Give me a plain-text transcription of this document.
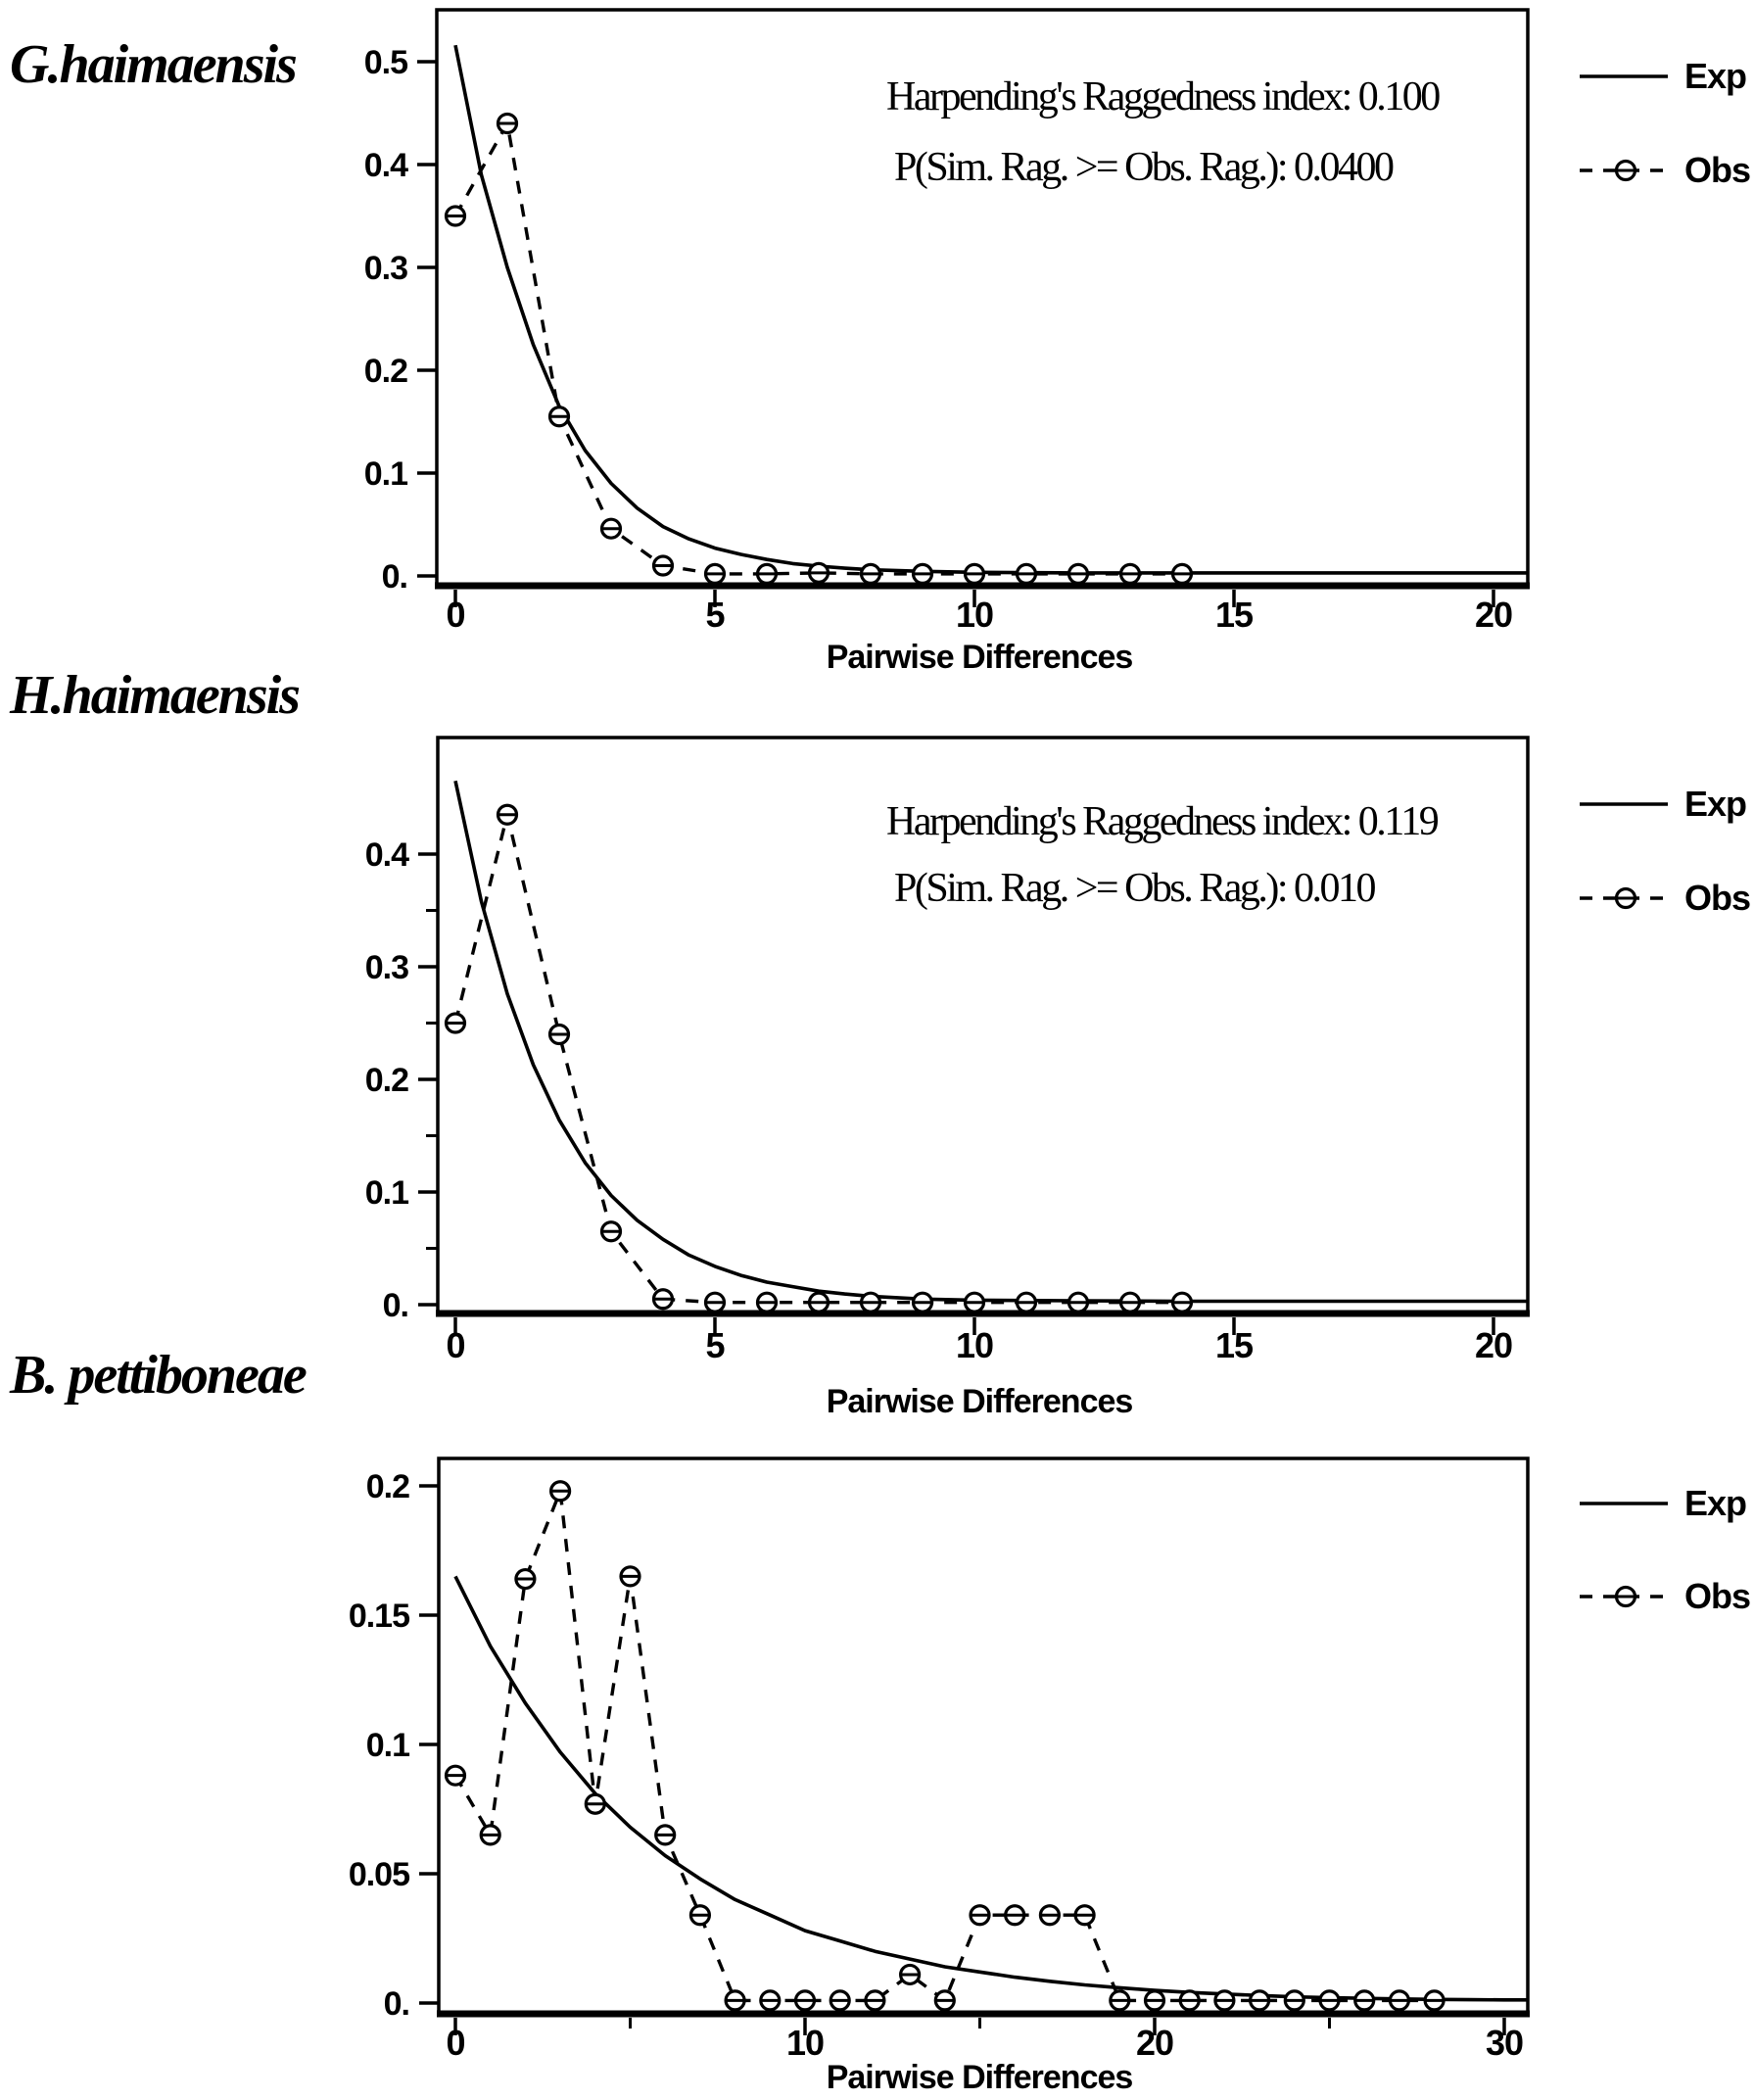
0.
0.1
0.2
0.3
0.4
0.5
0	5	10	15	20
Exp
Obs
0.
0.1
0.2
0.3
0.4
0	5	10	15	20
Exp
Obs
0.
0.05
0.1
0.15
0.2
0	10	20	30
Exp
Obs
G.haimaensis
Harpending's Raggedness index: 0.100
P(Sim. Rag. >= Obs. Rag.): 0.0400
Pairwise Differences
H.haimaensis
Harpending's Raggedness index: 0.119
P(Sim. Rag. >= Obs. Rag.): 0.010
Pairwise Differences
B. pettiboneae
Pairwise Differences
